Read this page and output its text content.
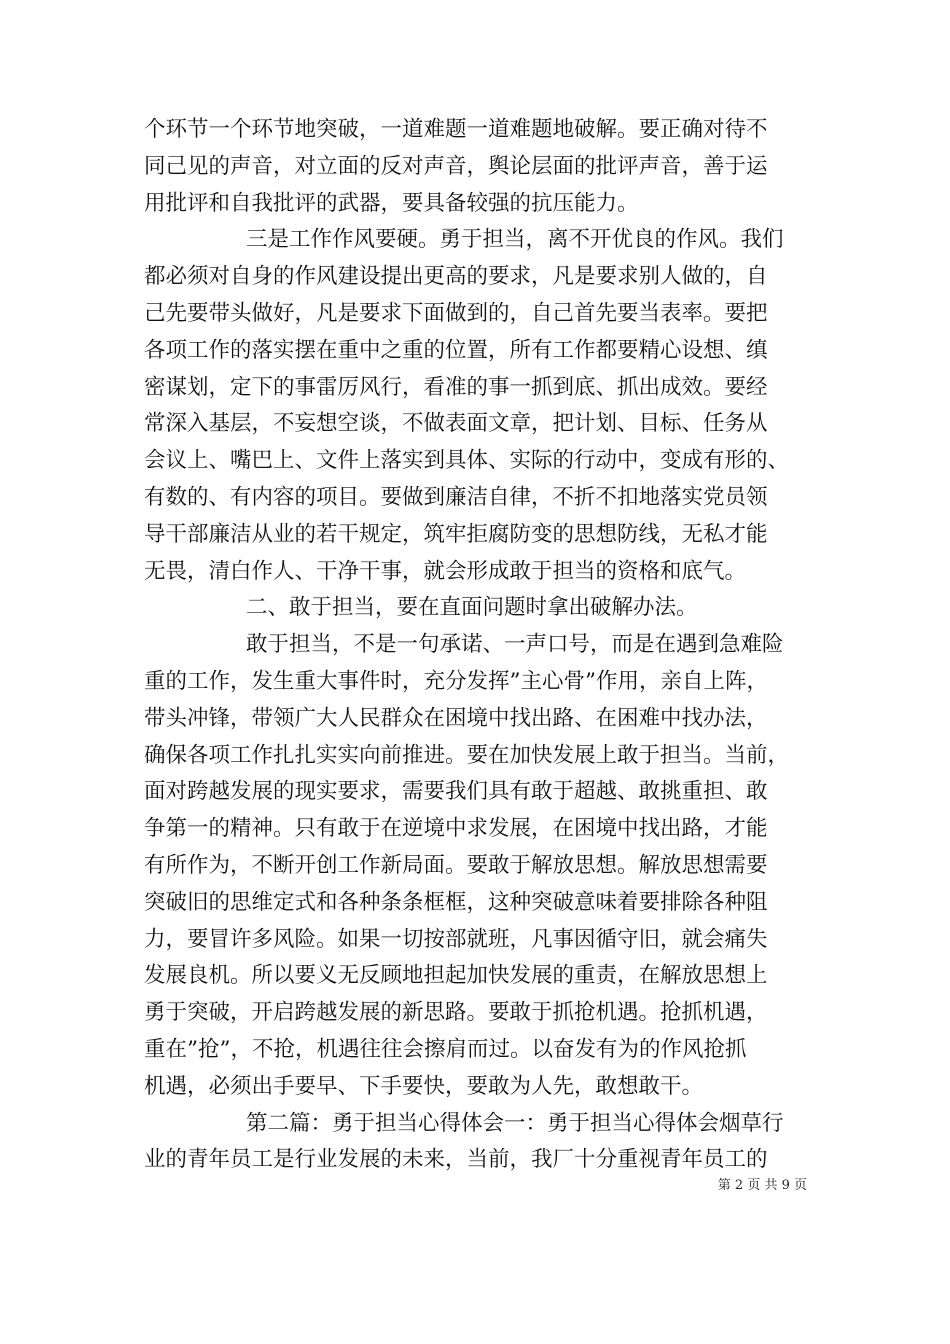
个环节一个环节地突破，一道难题一道难题地破解。要正确对待不
同己见的声音，对立面的反对声音，舆论层面的批评声音，善于运
用批评和自我批评的武器，要具备较强的抗压能力。
三是工作作风要硬。勇于担当，离不开优良的作风。我们
都必须对自身的作风建设提出更高的要求，凡是要求别人做的，自
己先要带头做好，凡是要求下面做到的，自己首先要当表率。要把
各项工作的落实摆在重中之重的位置，所有工作都要精心设想、缜
密谋划，定下的事雷厉风行，看准的事一抓到底、抓出成效。要经
常深入基层，不妄想空谈，不做表面文章，把计划、目标、任务从
会议上、嘴巴上、文件上落实到具体、实际的行动中，变成有形的、
有数的、有内容的项目。要做到廉洁自律，不折不扣地落实党员领
导干部廉洁从业的若干规定，筑牢拒腐防变的思想防线，无私才能
无畏，清白作人、干净干事，就会形成敢于担当的资格和底气。
二、敢于担当，要在直面问题时拿出破解办法。
敢于担当，不是一句承诺、一声口号，而是在遇到急难险
重的工作，发生重大事件时，充分发挥”主心骨”作用，亲自上阵，
带头冲锋，带领广大人民群众在困境中找出路、在困难中找办法，
确保各项工作扎扎实实向前推进。要在加快发展上敢于担当。当前，
面对跨越发展的现实要求，需要我们具有敢于超越、敢挑重担、敢
争第一的精神。只有敢于在逆境中求发展，在困境中找出路，才能
有所作为，不断开创工作新局面。要敢于解放思想。解放思想需要
突破旧的思维定式和各种条条框框，这种突破意味着要排除各种阻
力，要冒许多风险。如果一切按部就班，凡事因循守旧，就会痛失
发展良机。所以要义无反顾地担起加快发展的重责，在解放思想上
勇于突破，开启跨越发展的新思路。要敢于抓抢机遇。抢抓机遇，
重在”抢”，不抢，机遇往往会擦肩而过。以奋发有为的作风抢抓
机遇，必须出手要早、下手要快，要敢为人先，敢想敢干。
第二篇：勇于担当心得体会一：勇于担当心得体会烟草行
业的青年员工是行业发展的未来，当前，我厂十分重视青年员工的
第 2 页 共 9 页
